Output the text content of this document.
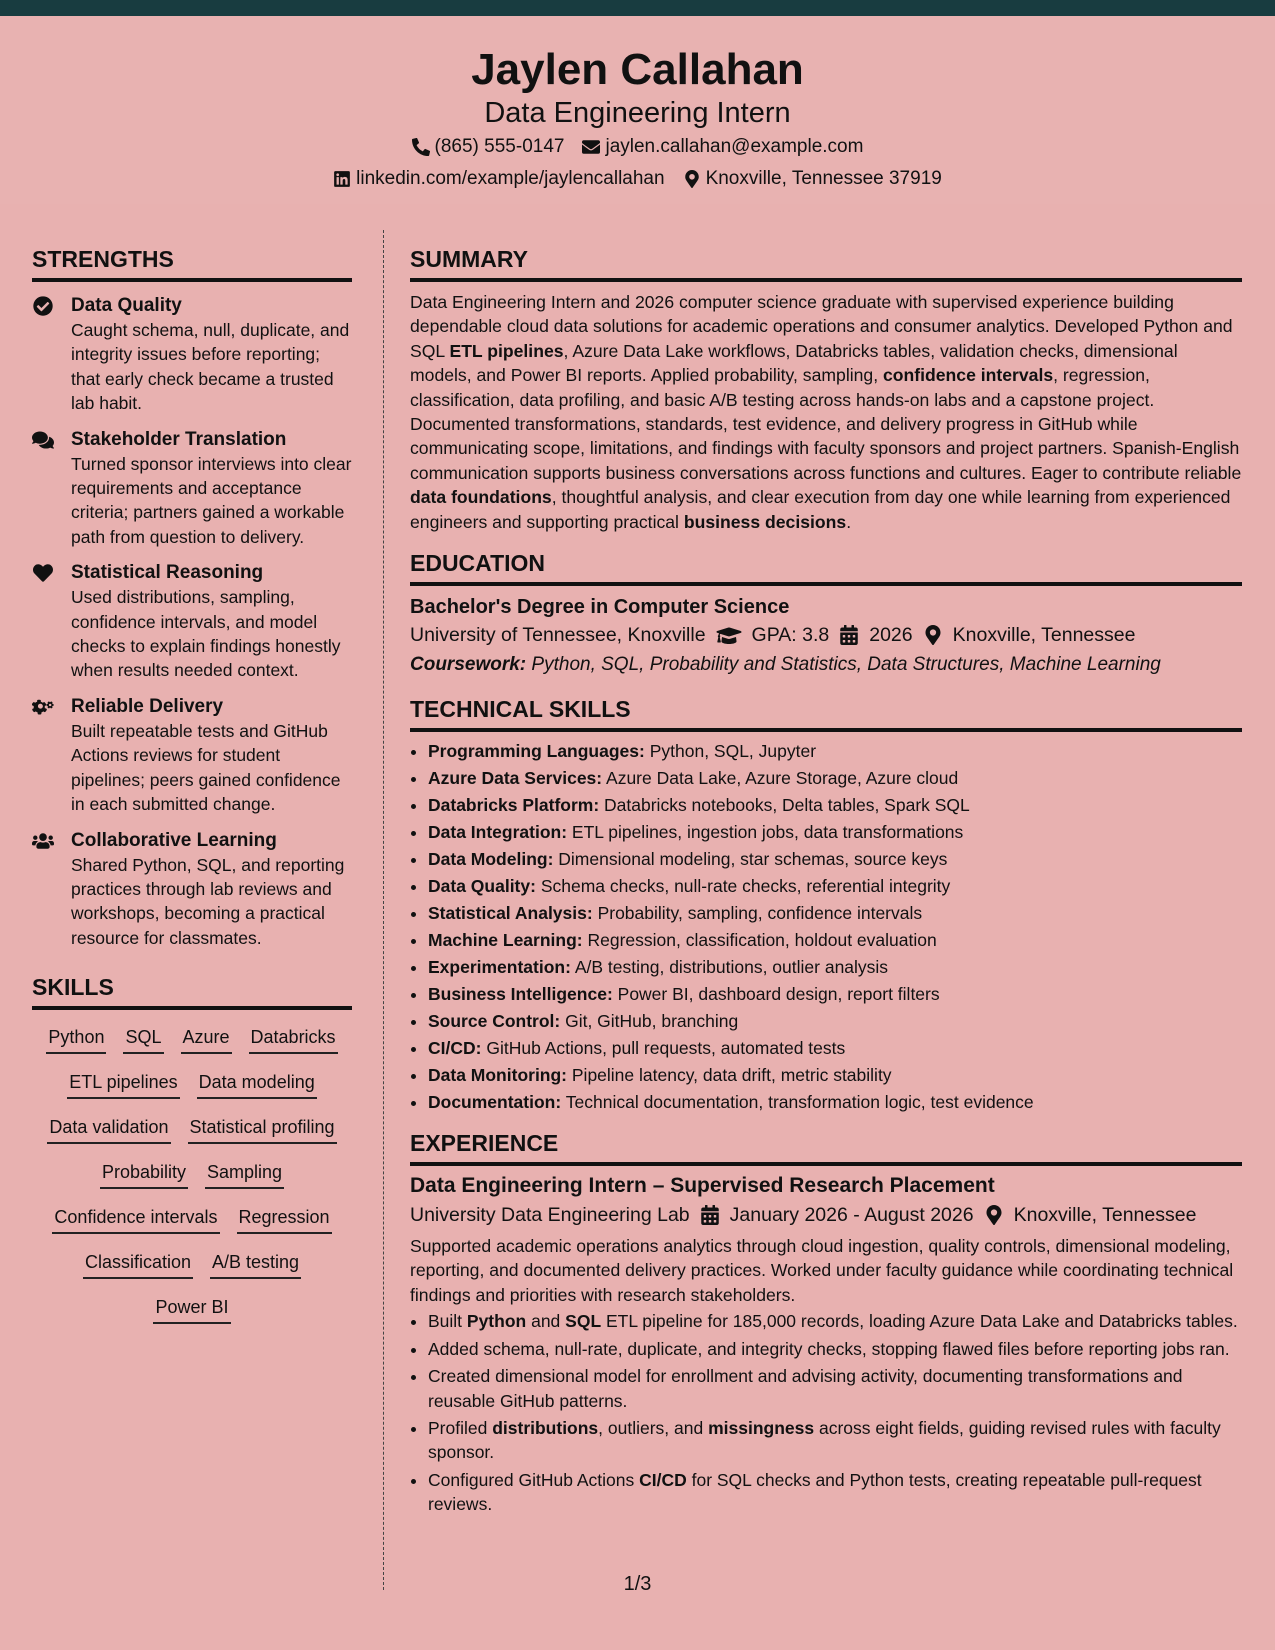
Jaylen Callahan
Data Engineering Intern
(865) 555-0147 jaylen.callahan@example.com
linkedin.com/example/jaylencallahan Knoxville, Tennessee 37919
STRENGTHS
Data Quality
Caught schema, null, duplicate, and integrity issues before reporting; that early check became a trusted lab habit.
Stakeholder Translation
Turned sponsor interviews into clear requirements and acceptance criteria; partners gained a workable path from question to delivery.
Statistical Reasoning
Used distributions, sampling, confidence intervals, and model checks to explain findings honestly when results needed context.
Reliable Delivery
Built repeatable tests and GitHub Actions reviews for student pipelines; peers gained confidence in each submitted change.
Collaborative Learning
Shared Python, SQL, and reporting practices through lab reviews and workshops, becoming a practical resource for classmates.
SKILLS
Python SQL Azure Databricks
ETL pipelines Data modeling
Data validation Statistical profiling
Probability Sampling
Confidence intervals Regression
Classification A/B testing
Power BI
SUMMARY
Data Engineering Intern and 2026 computer science graduate with supervised experience building dependable cloud data solutions for academic operations and consumer analytics. Developed Python and SQL ETL pipelines, Azure Data Lake workflows, Databricks tables, validation checks, dimensional models, and Power BI reports. Applied probability, sampling, confidence intervals, regression, classification, data profiling, and basic A/B testing across hands-on labs and a capstone project. Documented transformations, standards, test evidence, and delivery progress in GitHub while communicating scope, limitations, and findings with faculty sponsors and project partners. Spanish-English communication supports business conversations across functions and cultures. Eager to contribute reliable data foundations, thoughtful analysis, and clear execution from day one while learning from experienced engineers and supporting practical business decisions.
EDUCATION
Bachelor's Degree in Computer Science
University of Tennessee, Knoxville GPA: 3.8 2026 Knoxville, Tennessee
Coursework: Python, SQL, Probability and Statistics, Data Structures, Machine Learning
TECHNICAL SKILLS
• Programming Languages: Python, SQL, Jupyter
• Azure Data Services: Azure Data Lake, Azure Storage, Azure cloud
• Databricks Platform: Databricks notebooks, Delta tables, Spark SQL
• Data Integration: ETL pipelines, ingestion jobs, data transformations
• Data Modeling: Dimensional modeling, star schemas, source keys
• Data Quality: Schema checks, null-rate checks, referential integrity
• Statistical Analysis: Probability, sampling, confidence intervals
• Machine Learning: Regression, classification, holdout evaluation
• Experimentation: A/B testing, distributions, outlier analysis
• Business Intelligence: Power BI, dashboard design, report filters
• Source Control: Git, GitHub, branching
• CI/CD: GitHub Actions, pull requests, automated tests
• Data Monitoring: Pipeline latency, data drift, metric stability
• Documentation: Technical documentation, transformation logic, test evidence
EXPERIENCE
Data Engineering Intern – Supervised Research Placement
University Data Engineering Lab January 2026 - August 2026 Knoxville, Tennessee
Supported academic operations analytics through cloud ingestion, quality controls, dimensional modeling, reporting, and documented delivery practices. Worked under faculty guidance while coordinating technical findings and priorities with research stakeholders.
• Built Python and SQL ETL pipeline for 185,000 records, loading Azure Data Lake and Databricks tables.
• Added schema, null-rate, duplicate, and integrity checks, stopping flawed files before reporting jobs ran.
• Created dimensional model for enrollment and advising activity, documenting transformations and reusable GitHub patterns.
• Profiled distributions, outliers, and missingness across eight fields, guiding revised rules with faculty sponsor.
• Configured GitHub Actions CI/CD for SQL checks and Python tests, creating repeatable pull-request reviews.
1/3
